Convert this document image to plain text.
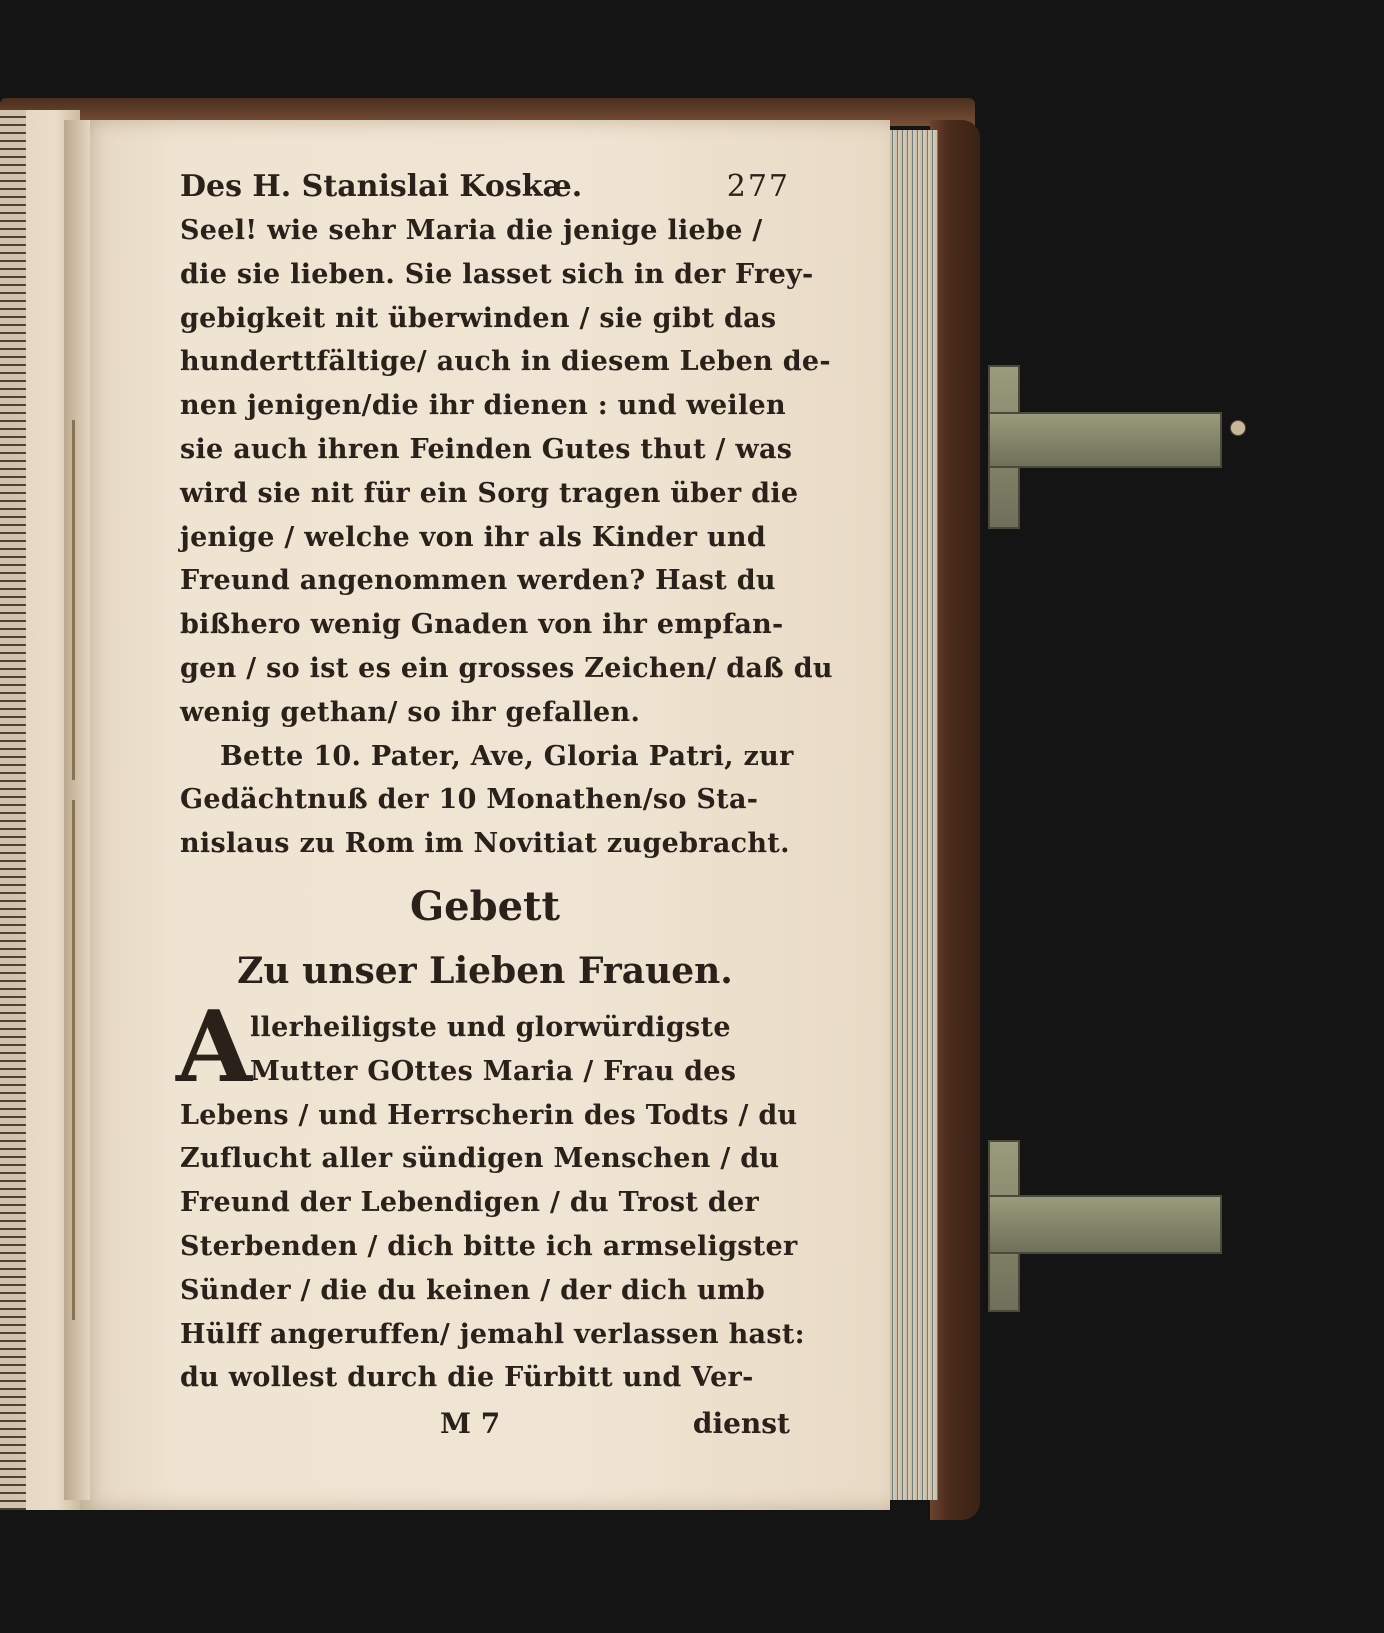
Des H. Stanislai Koskæ.	277
Seel! wie sehr Maria die jenige liebe /
die sie lieben. Sie lasset sich in der Frey-
gebigkeit nit überwinden / sie gibt das
hunderttfältige/ auch in diesem Leben de-
nen jenigen/die ihr dienen : und weilen
sie auch ihren Feinden Gutes thut / was
wird sie nit für ein Sorg tragen über die
jenige / welche von ihr als Kinder und
Freund angenommen werden? Hast du
bißhero wenig Gnaden von ihr empfan-
gen / so ist es ein grosses Zeichen/ daß du
wenig gethan/ so ihr gefallen.
Bette 10. Pater, Ave, Gloria Patri, zur
Gedächtnuß der 10 Monathen/so Sta-
nislaus zu Rom im Novitiat zugebracht.
Gebett
Zu unser Lieben Frauen.
A
llerheiligste und glorwürdigste
Mutter GOttes Maria / Frau des
Lebens / und Herrscherin des Todts / du
Zuflucht aller sündigen Menschen / du
Freund der Lebendigen / du Trost der
Sterbenden / dich bitte ich armseligster
Sünder / die du keinen / der dich umb
Hülff angeruffen/ jemahl verlassen hast:
du wollest durch die Fürbitt und Ver-
M 7	dienst
